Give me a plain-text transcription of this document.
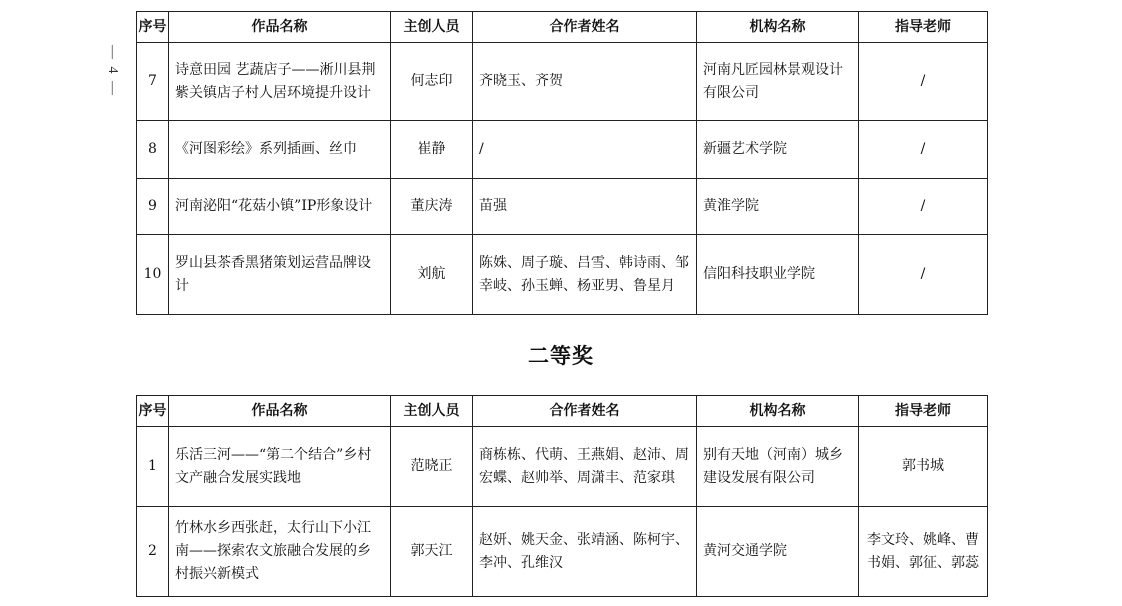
— 4 —
序号	作品名称	主创人员	合作者姓名	机构名称	指导老师
7	诗意田园 艺蔬店子——淅川县荆紫关镇店子村人居环境提升设计	何志印	齐晓玉、齐贺	河南凡匠园林景观设计有限公司	/
8	《河图彩绘》系列插画、丝巾	崔静	/	新疆艺术学院	/
9	河南泌阳“花菇小镇”IP形象设计	董庆涛	苗强	黄淮学院	/
10	罗山县茶香黑猪策划运营品牌设计	刘航	陈姝、周子璇、吕雪、韩诗雨、邹幸岐、孙玉蝉、杨亚男、鲁星月	信阳科技职业学院	/
二等奖
序号	作品名称	主创人员	合作者姓名	机构名称	指导老师
1	乐活三河——“第二个结合”乡村文产融合发展实践地	范晓正	商栋栋、代萌、王燕娟、赵沛、周宏蝶、赵帅举、周潇丰、范家琪	别有天地（河南）城乡建设发展有限公司	郭书城
2	竹林水乡西张赶，太行山下小江南——探索农文旅融合发展的乡村振兴新模式	郭天江	赵妍、姚天金、张靖涵、陈柯宇、李冲、孔维汉	黄河交通学院	李文玲、姚峰、曹书娟、郭征、郭蕊
